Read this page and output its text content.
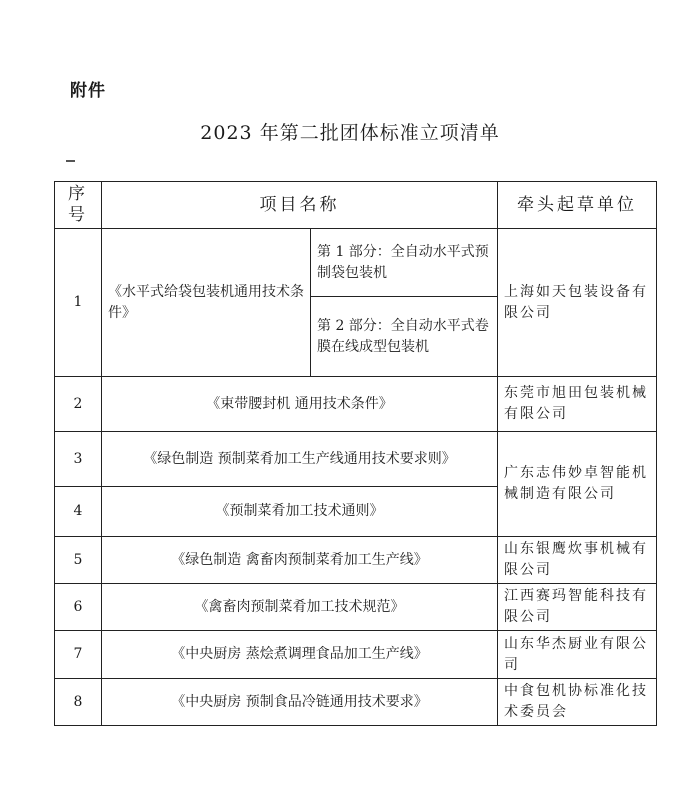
附件
2023 年第二批团体标准立项清单
序号	项目名称		牵头起草单位
1	《水平式给袋包装机通用技术条件》	第 1 部分：全自动水平式预制袋包装机	上海如天包装设备有限公司
		第 2 部分：全自动水平式卷膜在线成型包装机	
2	《束带腰封机 通用技术条件》		东莞市旭田包装机械有限公司
3	《绿色制造 预制菜肴加工生产线通用技术要求则》		广东志伟妙卓智能机械制造有限公司
4	《预制菜肴加工技术通则》		
5	《绿色制造 禽畜肉预制菜肴加工生产线》		山东银鹰炊事机械有限公司
6	《禽畜肉预制菜肴加工技术规范》		江西赛玛智能科技有限公司
7	《中央厨房 蒸烩煮调理食品加工生产线》		山东华杰厨业有限公司
8	《中央厨房 预制食品冷链通用技术要求》		中食包机协标准化技术委员会
